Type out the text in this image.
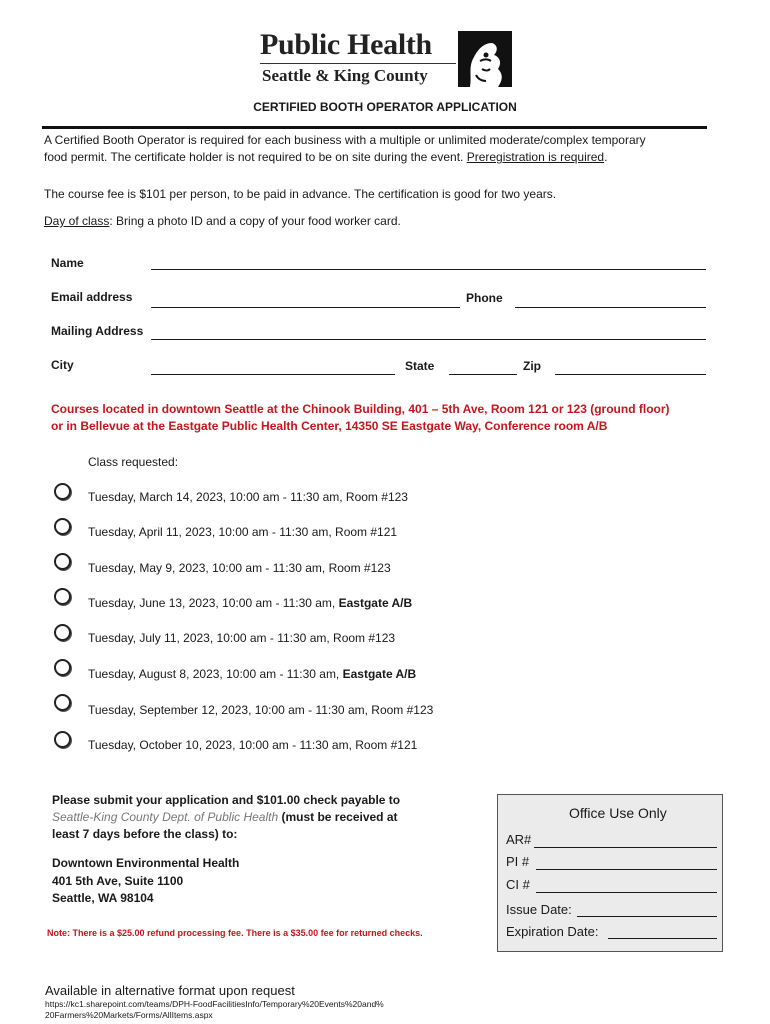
Public Health
Seattle & King County
CERTIFIED BOOTH OPERATOR APPLICATION
A Certified Booth Operator is required for each business with a multiple or unlimited moderate/complex temporary
food permit. The certificate holder is not required to be on site during the event. Preregistration is required.
The course fee is $101 per person, to be paid in advance. The certification is good for two years.
Day of class: Bring a photo ID and a copy of your food worker card.
Name
Email address	Phone
Mailing Address
City	State	Zip
Courses located in downtown Seattle at the Chinook Building, 401 – 5th Ave, Room 121 or 123 (ground floor)
or in Bellevue at the Eastgate Public Health Center, 14350 SE Eastgate Way, Conference room A/B
Class requested:
Tuesday, March 14, 2023, 10:00 am - 11:30 am, Room #123
Tuesday, April 11, 2023, 10:00 am - 11:30 am, Room #121
Tuesday, May 9, 2023, 10:00 am - 11:30 am, Room #123
Tuesday, June 13, 2023, 10:00 am - 11:30 am, Eastgate A/B
Tuesday, July 11, 2023, 10:00 am - 11:30 am, Room #123
Tuesday, August 8, 2023, 10:00 am - 11:30 am, Eastgate A/B
Tuesday, September 12, 2023, 10:00 am - 11:30 am, Room #123
Tuesday, October 10, 2023, 10:00 am - 11:30 am, Room #121
Please submit your application and $101.00 check payable to
Seattle-King County Dept. of Public Health (must be received at
least 7 days before the class) to:
Downtown Environmental Health
401 5th Ave, Suite 1100
Seattle, WA 98104
Note: There is a $25.00 refund processing fee. There is a $35.00 fee for returned checks.
Office Use Only
AR#
PI #
CI #
Issue Date:
Expiration Date:
Available in alternative format upon request
https://kc1.sharepoint.com/teams/DPH-FoodFacilitiesInfo/Temporary%20Events%20and%
20Farmers%20Markets/Forms/AllItems.aspx
